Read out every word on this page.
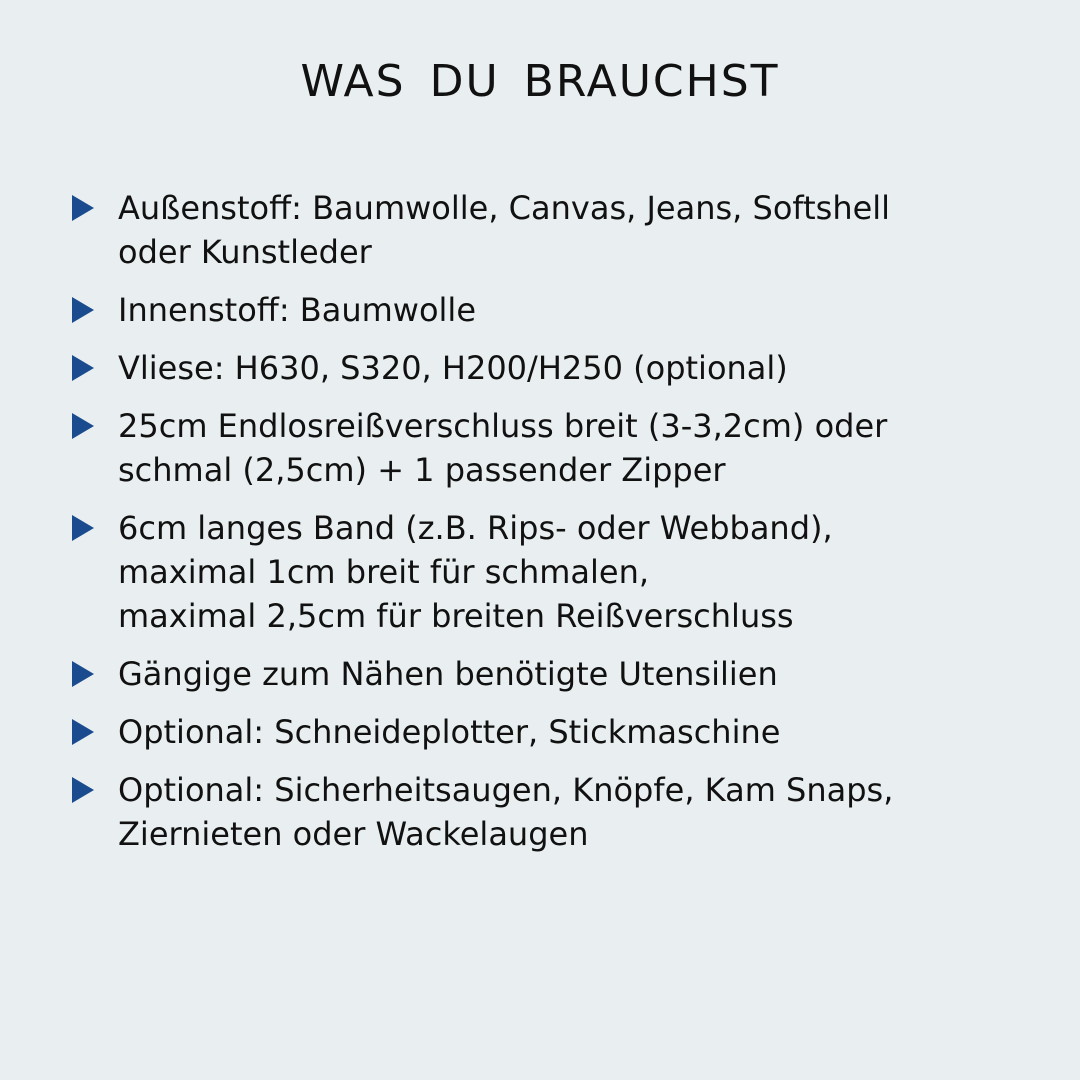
WAS DU BRAUCHST
Außenstoff: Baumwolle, Canvas, Jeans, Softshell
oder Kunstleder
Innenstoff: Baumwolle
Vliese: H630, S320, H200/H250 (optional)
25cm Endlosreißverschluss breit (3-3,2cm) oder
schmal (2,5cm) + 1 passender Zipper
6cm langes Band (z.B. Rips- oder Webband),
maximal 1cm breit für schmalen,
maximal 2,5cm für breiten Reißverschluss
Gängige zum Nähen benötigte Utensilien
Optional: Schneideplotter, Stickmaschine
Optional: Sicherheitsaugen, Knöpfe, Kam Snaps,
Ziernieten oder Wackelaugen
